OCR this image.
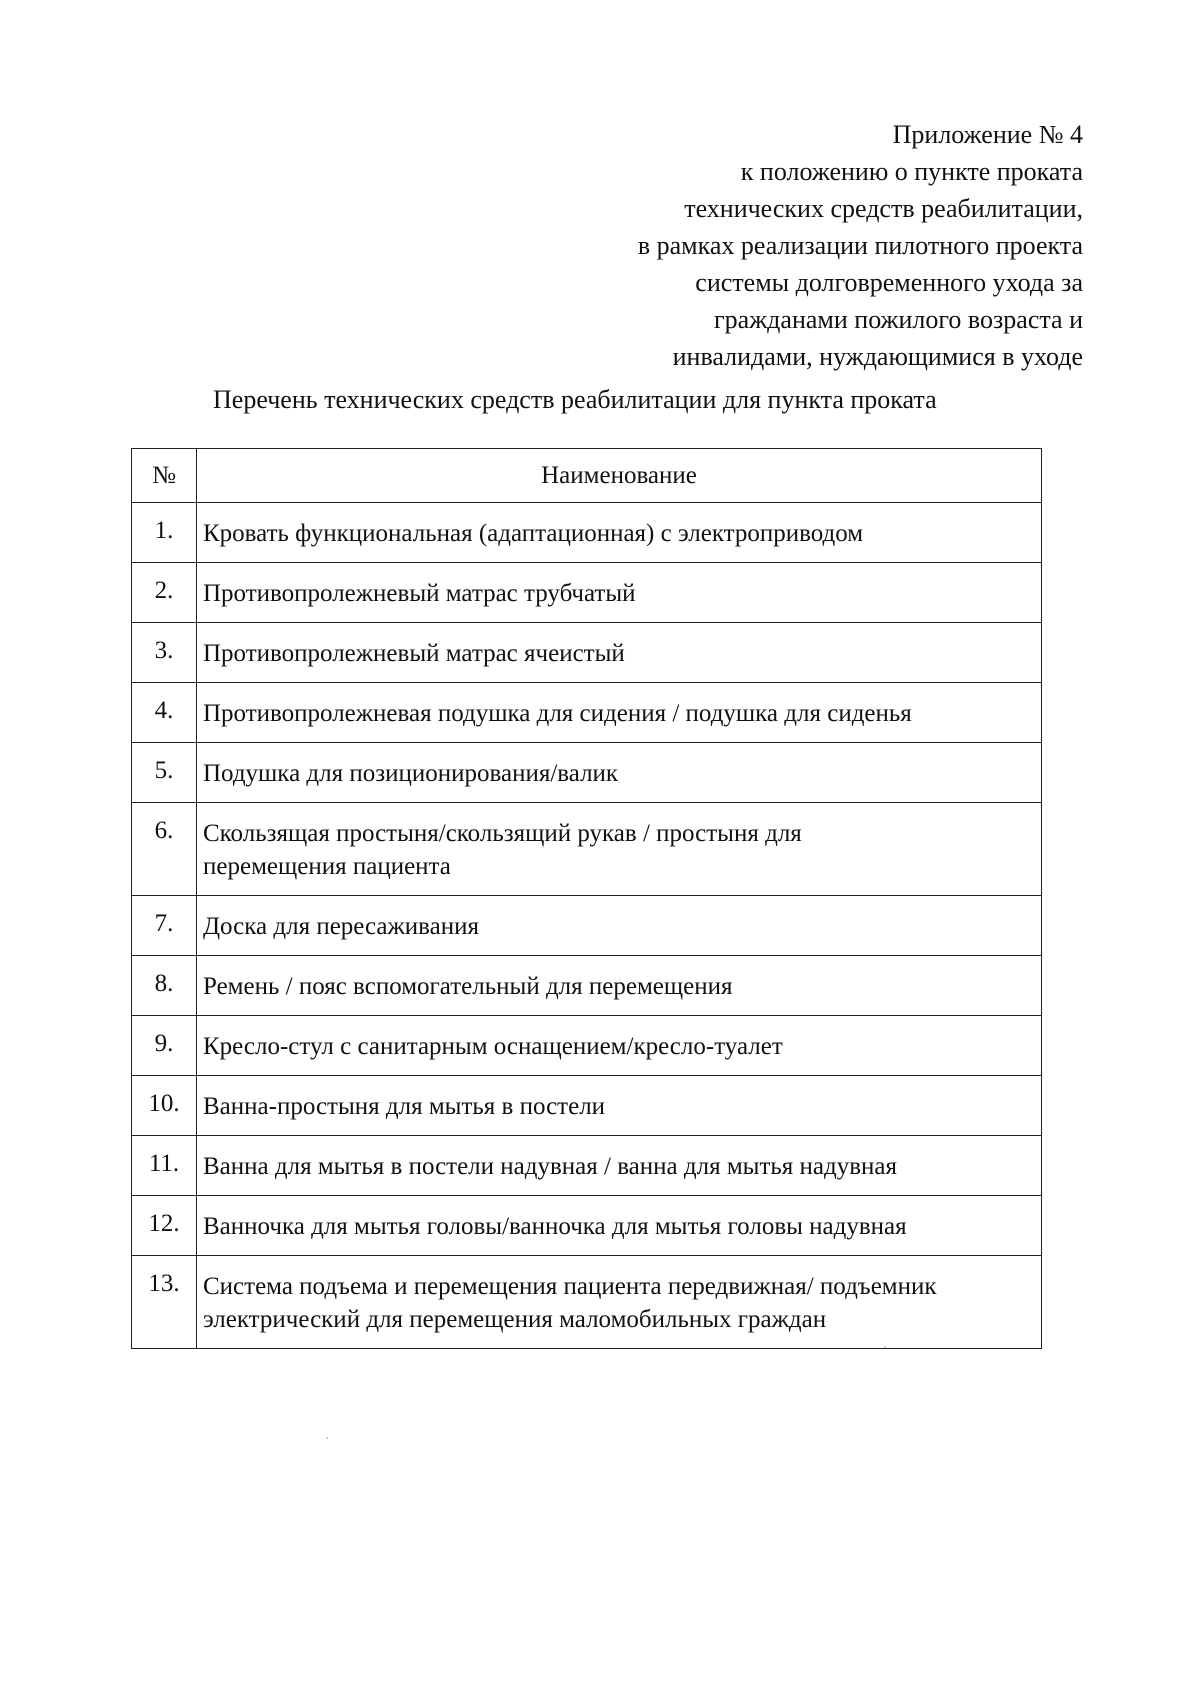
Приложение № 4
к положению о пункте проката
технических средств реабилитации,
в рамках реализации пилотного проекта
системы долговременного ухода за
гражданами пожилого возраста и
инвалидами, нуждающимися в уходе
Перечень технических средств реабилитации для пункта проката
№	Наименование
1.	Кровать функциональная (адаптационная) с электроприводом
2.	Противопролежневый матрас трубчатый
3.	Противопролежневый матрас ячеистый
4.	Противопролежневая подушка для сидения / подушка для сиденья
5.	Подушка для позиционирования/валик
6.	Скользящая простыня/скользящий рукав / простыня для перемещения пациента
7.	Доска для пересаживания
8.	Ремень / пояс вспомогательный для перемещения
9.	Кресло-стул с санитарным оснащением/кресло-туалет
10.	Ванна-простыня для мытья в постели
11.	Ванна для мытья в постели надувная / ванна для мытья надувная
12.	Ванночка для мытья головы/ванночка для мытья головы надувная
13.	Система подъема и перемещения пациента передвижная/ подъемник электрический для перемещения маломобильных граждан
